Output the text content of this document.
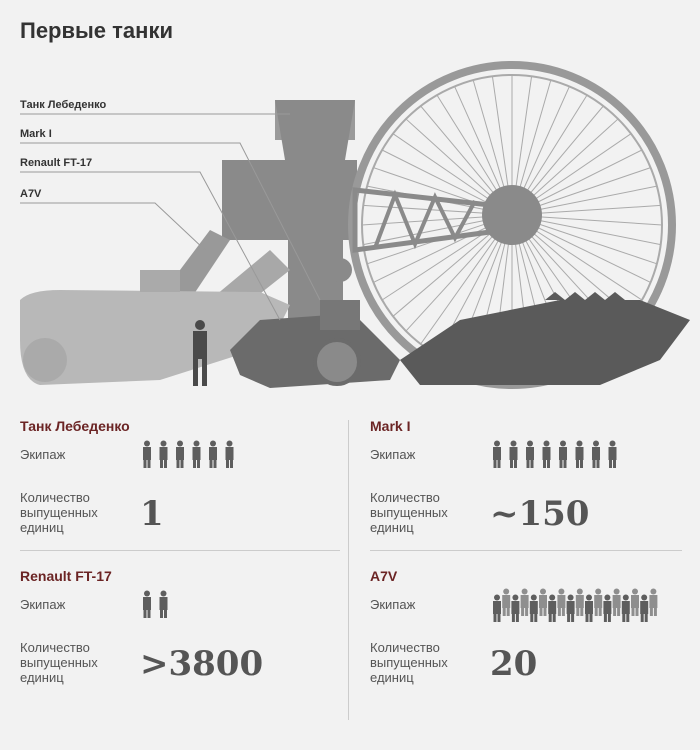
Первые танки
Танк Лебеденко
Mark I
Renault FT-17
A7V
Танк Лебеденко
Экипаж
Количество выпущенных единиц	1
Mark I
Экипаж
Количество выпущенных единиц	~150
Renault FT-17
Экипаж
Количество выпущенных единиц	>3800
A7V
Экипаж
Количество выпущенных единиц	20
